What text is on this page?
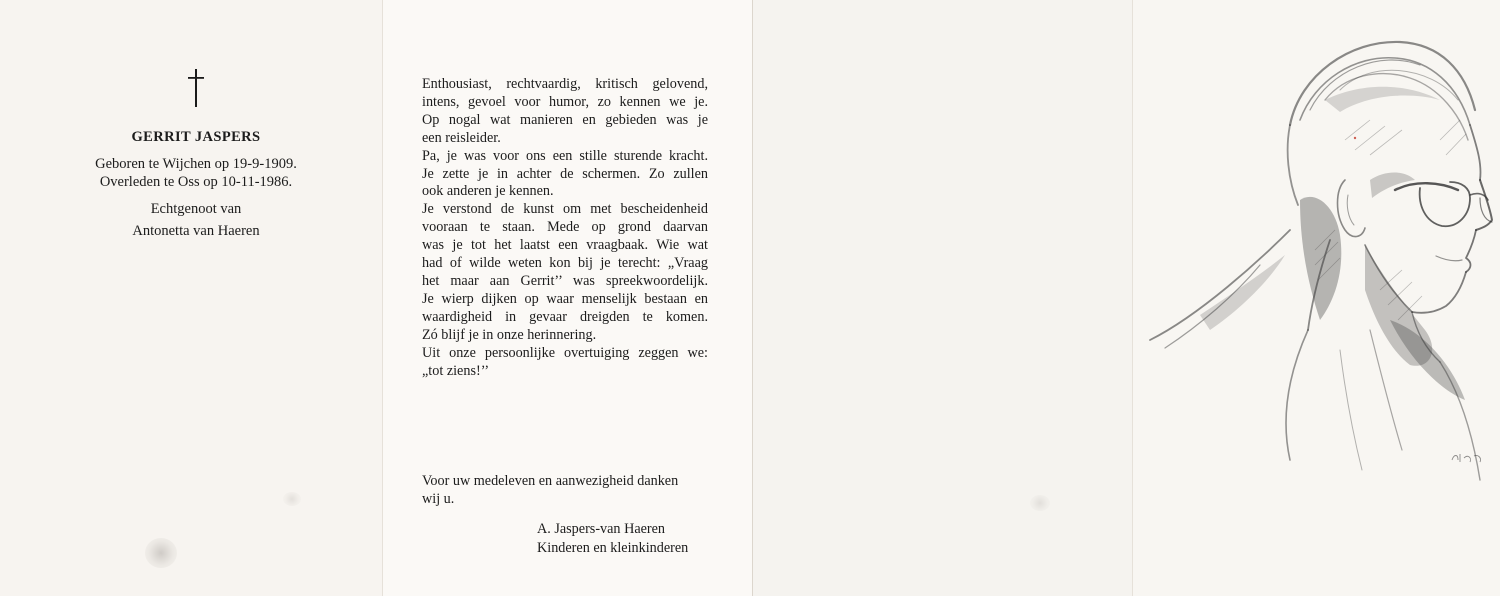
GERRIT JASPERS
Geboren te Wijchen op 19-9-1909.
Overleden te Oss op 10-11-1986.
Echtgenoot van
Antonetta van Haeren
Enthousiast, rechtvaardig, kritisch gelovend,
intens, gevoel voor humor, zo kennen we je.
Op nogal wat manieren en gebieden was je
een reisleider.
Pa, je was voor ons een stille sturende kracht.
Je zette je in achter de schermen. Zo zullen
ook anderen je kennen.
Je verstond de kunst om met bescheidenheid
vooraan te staan. Mede op grond daarvan
was je tot het laatst een vraagbaak. Wie wat
had of wilde weten kon bij je terecht: „Vraag
het maar aan Gerrit’’ was spreekwoordelijk.
Je wierp dijken op waar menselijk bestaan en
waardigheid in gevaar dreigden te komen.
Zó blijf je in onze herinnering.
Uit onze persoonlijke overtuiging zeggen we:
„tot ziens!’’
Voor uw medeleven en aanwezigheid danken
wij u.
A. Jaspers-van Haeren
Kinderen en kleinkinderen
